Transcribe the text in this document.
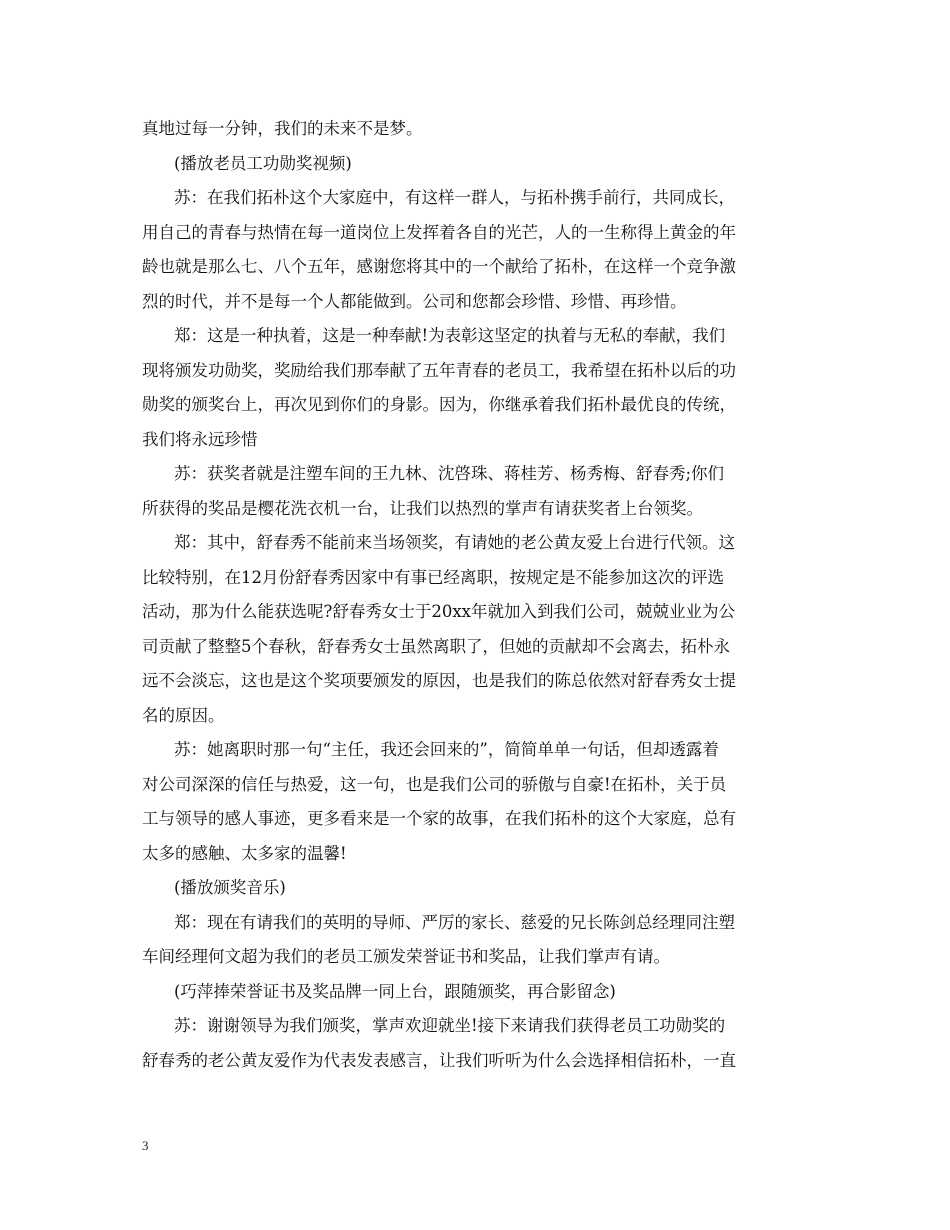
真地过每一分钟，我们的未来不是梦。
(播放老员工功勋奖视频)
苏：在我们拓朴这个大家庭中，有这样一群人，与拓朴携手前行，共同成长，
用自己的青春与热情在每一道岗位上发挥着各自的光芒，人的一生称得上黄金的年
龄也就是那么七、八个五年，感谢您将其中的一个献给了拓朴，在这样一个竞争激
烈的时代，并不是每一个人都能做到。公司和您都会珍惜、珍惜、再珍惜。
郑：这是一种执着，这是一种奉献!为表彰这坚定的执着与无私的奉献，我们
现将颁发功勋奖，奖励给我们那奉献了五年青春的老员工，我希望在拓朴以后的功
勋奖的颁奖台上，再次见到你们的身影。因为，你继承着我们拓朴最优良的传统，
我们将永远珍惜
苏：获奖者就是注塑车间的王九林、沈啓珠、蒋桂芳、杨秀梅、舒春秀;你们
所获得的奖品是樱花洗衣机一台，让我们以热烈的掌声有请获奖者上台领奖。
郑：其中，舒春秀不能前来当场领奖，有请她的老公黄友爱上台进行代领。这
比较特别，在12月份舒春秀因家中有事已经离职，按规定是不能参加这次的评选
活动，那为什么能获选呢?舒春秀女士于20xx年就加入到我们公司，兢兢业业为公
司贡献了整整5个春秋，舒春秀女士虽然离职了，但她的贡献却不会离去，拓朴永
远不会淡忘，这也是这个奖项要颁发的原因，也是我们的陈总依然对舒春秀女士提
名的原因。
苏：她离职时那一句“主任，我还会回来的”，简简单单一句话，但却透露着
对公司深深的信任与热爱，这一句，也是我们公司的骄傲与自豪!在拓朴，关于员
工与领导的感人事迹，更多看来是一个家的故事，在我们拓朴的这个大家庭，总有
太多的感触、太多家的温馨!
(播放颁奖音乐)
郑：现在有请我们的英明的导师、严厉的家长、慈爱的兄长陈剑总经理同注塑
车间经理何文超为我们的老员工颁发荣誉证书和奖品，让我们掌声有请。
(巧萍捧荣誉证书及奖品牌一同上台，跟随颁奖，再合影留念)
苏：谢谢领导为我们颁奖，掌声欢迎就坐!接下来请我们获得老员工功勋奖的
舒春秀的老公黄友爱作为代表发表感言，让我们听听为什么会选择相信拓朴，一直
3
